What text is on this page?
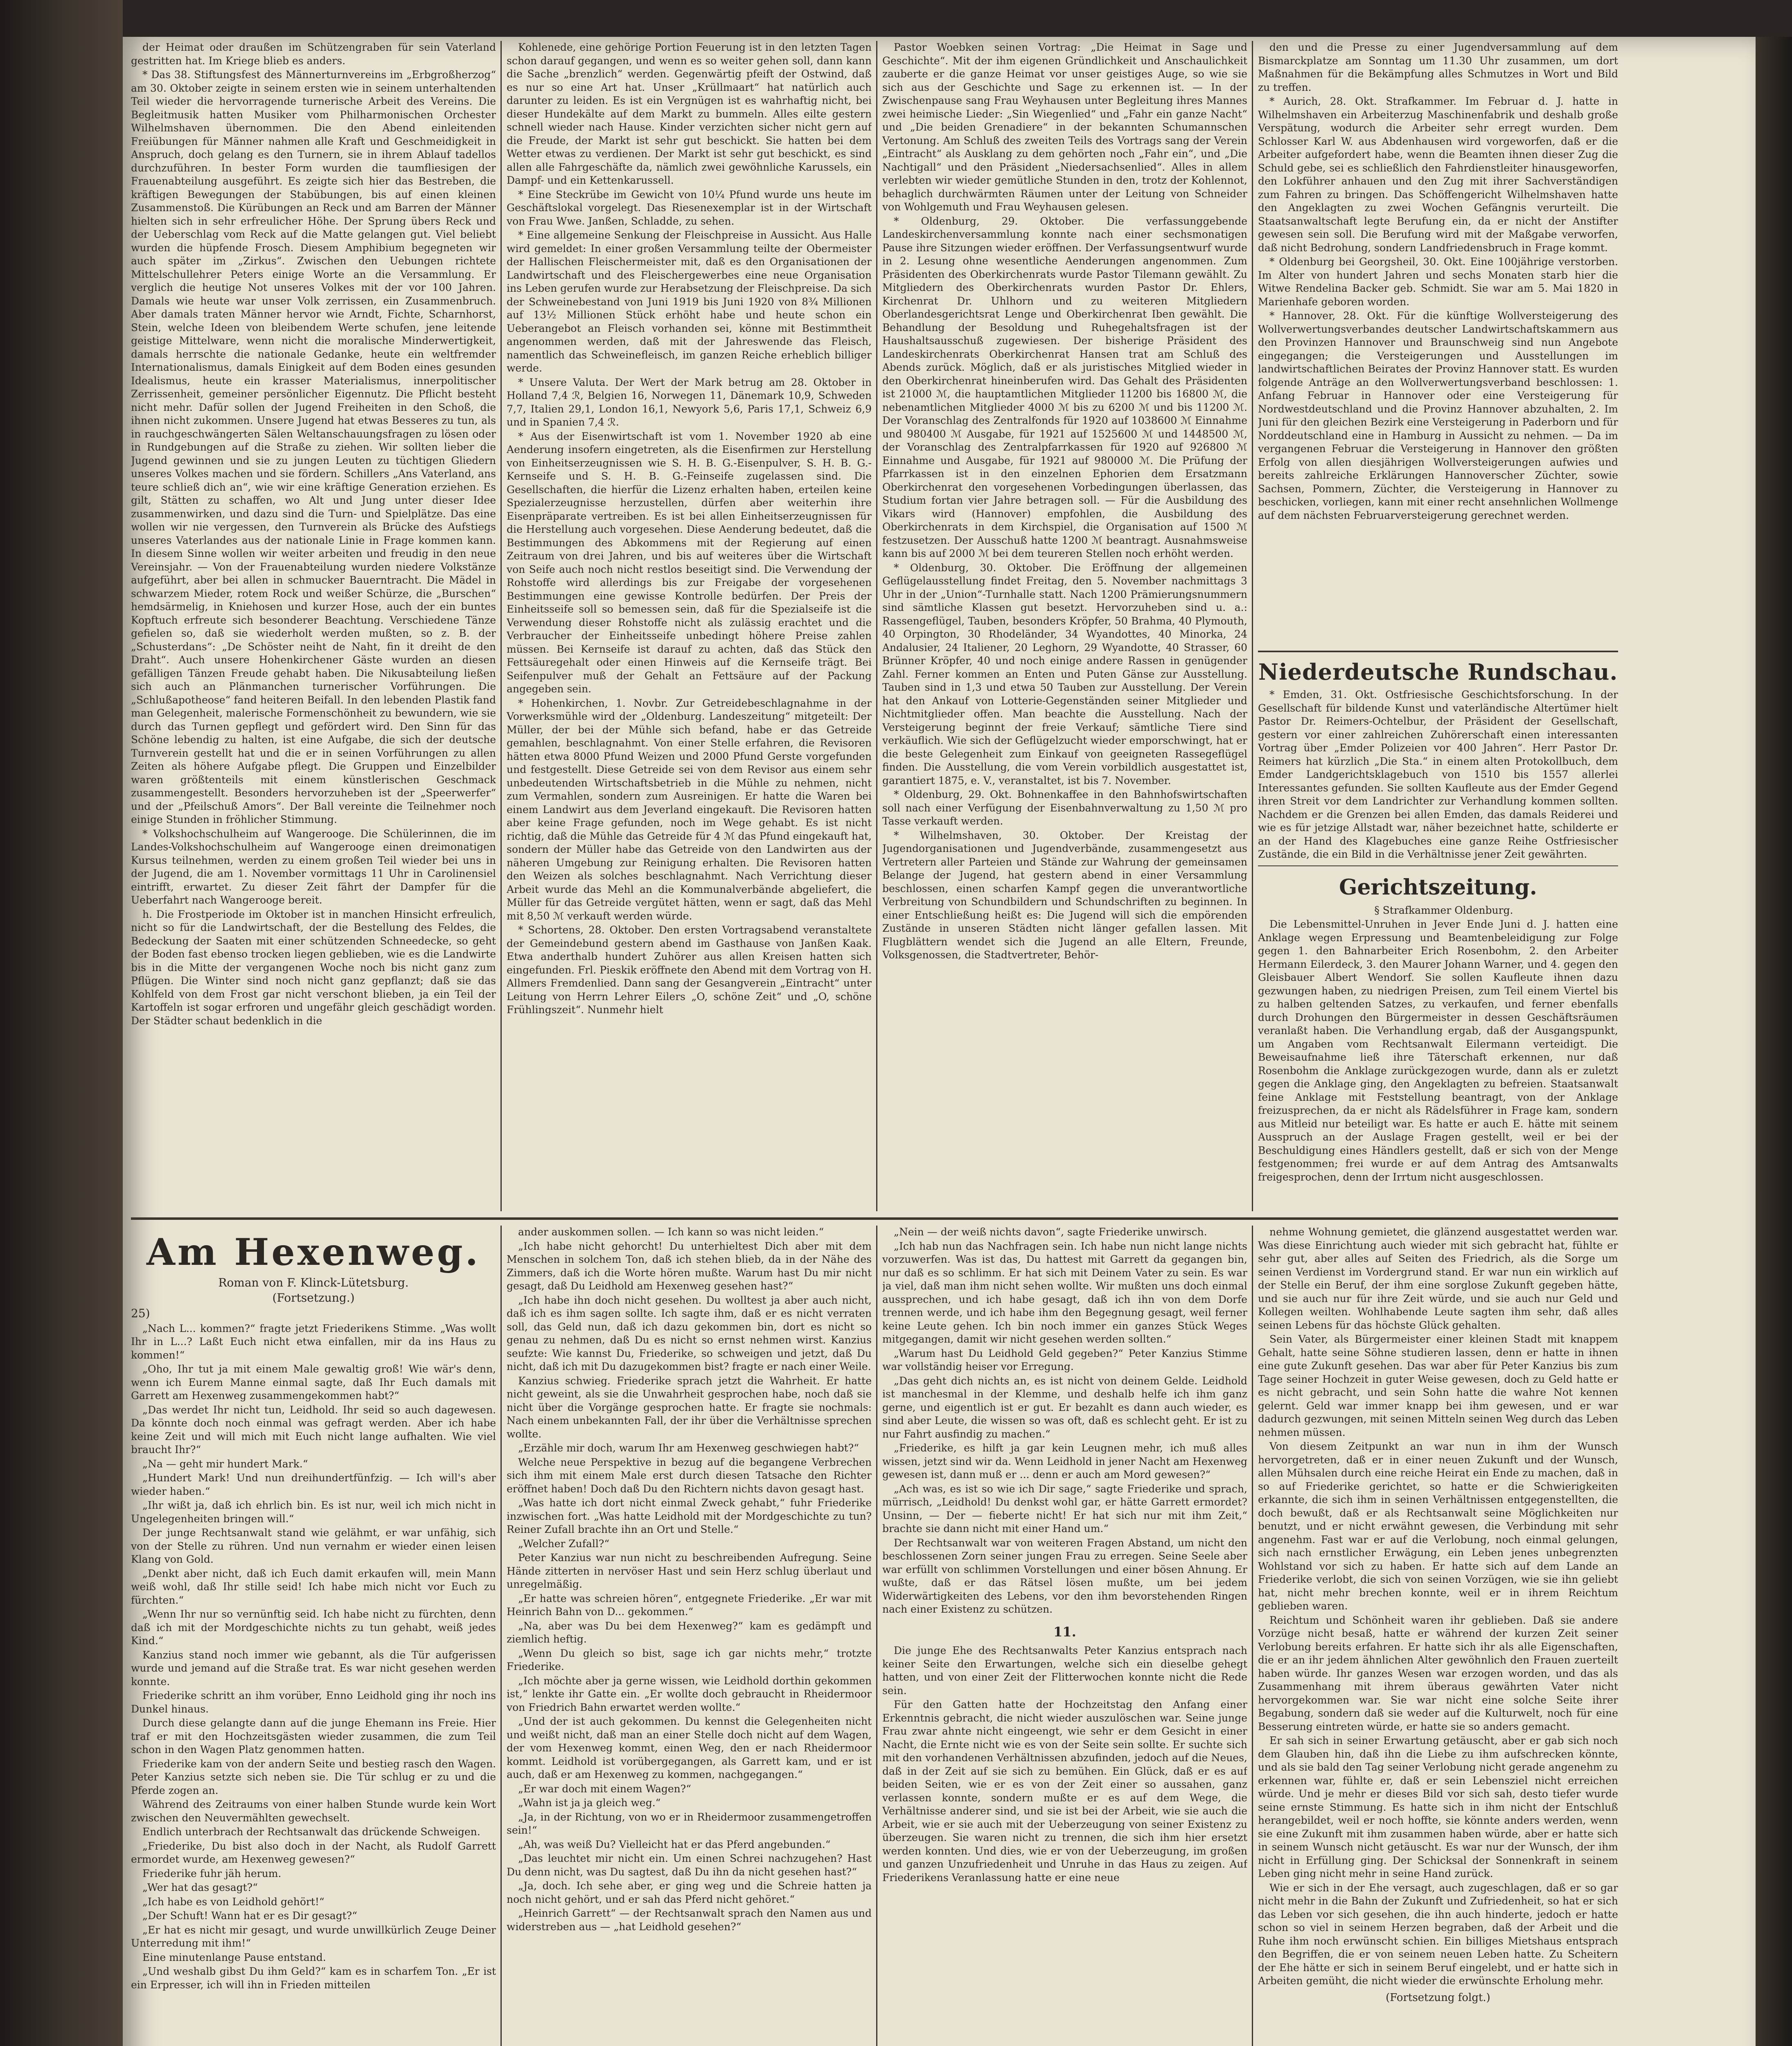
der Heimat oder draußen im Schützengraben für sein Vaterland gestritten hat. Im Kriege blieb es anders.

* Das 38. Stiftungsfest des Männerturnvereins im „Erbgroßherzog“ am 30. Oktober zeigte in seinem ersten wie in seinem unterhaltenden Teil wieder die hervorragende turnerische Arbeit des Vereins. Die Begleitmusik hatten Musiker vom Philharmonischen Orchester Wilhelmshaven übernommen. Die den Abend einleitenden Freiübungen für Männer nahmen alle Kraft und Geschmeidigkeit in Anspruch, doch gelang es den Turnern, sie in ihrem Ablauf tadellos durchzuführen. In bester Form wurden die taumfliesigen der Frauenabteilung ausgeführt. Es zeigte sich hier das Bestreben, die kräftigen Bewegungen der Stabübungen, bis auf einen kleinen Zusammenstoß. Die Kürübungen an Reck und am Barren der Männer hielten sich in sehr erfreulicher Höhe. Der Sprung übers Reck und der Ueberschlag vom Reck auf die Matte gelangen gut. Viel beliebt wurden die hüpfende Frosch. Diesem Amphibium begegneten wir auch später im „Zirkus“. Zwischen den Uebungen richtete Mittelschullehrer Peters einige Worte an die Versammlung. Er verglich die heutige Not unseres Volkes mit der vor 100 Jahren. Damals wie heute war unser Volk zerrissen, ein Zusammenbruch. Aber damals traten Männer hervor wie Arndt, Fichte, Scharnhorst, Stein, welche Ideen von bleibendem Werte schufen, jene leitende geistige Mittelware, wenn nicht die moralische Minderwertigkeit, damals herrschte die nationale Gedanke, heute ein weltfremder Internationalismus, damals Einigkeit auf dem Boden eines gesunden Idealismus, heute ein krasser Materialismus, innerpolitischer Zerrissenheit, gemeiner persönlicher Eigennutz. Die Pflicht besteht nicht mehr. Dafür sollen der Jugend Freiheiten in den Schoß, die ihnen nicht zukommen. Unsere Jugend hat etwas Besseres zu tun, als in rauchgeschwängerten Sälen Weltanschauungsfragen zu lösen oder in Rundgebungen auf die Straße zu ziehen. Wir sollten lieber die Jugend gewinnen und sie zu jungen Leuten zu tüchtigen Gliedern unseres Volkes machen und sie fördern. Schillers „Ans Vaterland, ans teure schließ dich an“, wie wir eine kräftige Generation erziehen. Es gilt, Stätten zu schaffen, wo Alt und Jung unter dieser Idee zusammenwirken, und dazu sind die Turn- und Spielplätze. Das eine wollen wir nie vergessen, den Turnverein als Brücke des Aufstiegs unseres Vaterlandes aus der nationale Linie in Frage kommen kann. In diesem Sinne wollen wir weiter arbeiten und freudig in den neue Vereinsjahr. — Von der Frauenabteilung wurden niedere Volkstänze aufgeführt, aber bei allen in schmucker Bauerntracht. Die Mädel in schwarzem Mieder, rotem Rock und weißer Schürze, die „Burschen“ hemdsärmelig, in Kniehosen und kurzer Hose, auch der ein buntes Kopftuch erfreute sich besonderer Beachtung. Verschiedene Tänze gefielen so, daß sie wiederholt werden mußten, so z. B. der „Schusterdans“: „De Schöster neiht de Naht, fin it dreiht de den Draht“. Auch unsere Hohenkirchener Gäste wurden an diesen gefälligen Tänzen Freude gehabt haben. Die Nikusabteilung ließen sich auch an Plänmanchen turnerischer Vorführungen. Die „Schlußapotheose“ fand heiteren Beifall. In den lebenden Plastik fand man Gelegenheit, malerische Formenschönheit zu bewundern, wie sie durch das Turnen gepflegt und gefördert wird. Den Sinn für das Schöne lebendig zu halten, ist eine Aufgabe, die sich der deutsche Turnverein gestellt hat und die er in seinen Vorführungen zu allen Zeiten als höhere Aufgabe pflegt. Die Gruppen und Einzelbilder waren größtenteils mit einem künstlerischen Geschmack zusammengestellt. Besonders hervorzuheben ist der „Speerwerfer“ und der „Pfeilschuß Amors“. Der Ball vereinte die Teilnehmer noch einige Stunden in fröhlicher Stimmung.

* Volkshochschulheim auf Wangerooge. Die Schülerinnen, die im Landes-Volkshochschulheim auf Wangerooge einen dreimonatigen Kursus teilnehmen, werden zu einem großen Teil wieder bei uns in der Jugend, die am 1. November vormittags 11 Uhr in Carolinensiel eintrifft, erwartet. Zu dieser Zeit fährt der Dampfer für die Ueberfahrt nach Wangerooge bereit.

h. Die Frostperiode im Oktober ist in manchen Hinsicht erfreulich, nicht so für die Landwirtschaft, der die Bestellung des Feldes, die Bedeckung der Saaten mit einer schützenden Schneedecke, so geht der Boden fast ebenso trocken liegen geblieben, wie es die Landwirte bis in die Mitte der vergangenen Woche noch bis nicht ganz zum Pflügen. Die Winter sind noch nicht ganz gepflanzt; daß sie das Kohlfeld von dem Frost gar nicht verschont blieben, ja ein Teil der Kartoffeln ist sogar erfroren und ungefähr gleich geschädigt worden. Der Städter schaut bedenklich in die

Kohlenede, eine gehörige Portion Feuerung ist in den letzten Tagen schon darauf gegangen, und wenn es so weiter gehen soll, dann kann die Sache „brenzlich“ werden. Gegenwärtig pfeift der Ostwind, daß es nur so eine Art hat. Unser „Krüllmaart“ hat natürlich auch darunter zu leiden. Es ist ein Vergnügen ist es wahrhaftig nicht, bei dieser Hundekälte auf dem Markt zu bummeln. Alles eilte gestern schnell wieder nach Hause. Kinder verzichten sicher nicht gern auf die Freude, der Markt ist sehr gut beschickt. Sie hatten bei dem Wetter etwas zu verdienen. Der Markt ist sehr gut beschickt, es sind allen alle Fahrgeschäfte da, nämlich zwei gewöhnliche Karussels, ein Dampf- und ein Kettenkarussell.

* Eine Steckrübe im Gewicht von 10¼ Pfund wurde uns heute im Geschäftslokal vorgelegt. Das Riesenexemplar ist in der Wirtschaft von Frau Wwe. Janßen, Schladde, zu sehen.

* Eine allgemeine Senkung der Fleischpreise in Aussicht. Aus Halle wird gemeldet: In einer großen Versammlung teilte der Obermeister der Hallischen Fleischermeister mit, daß es den Organisationen der Landwirtschaft und des Fleischergewerbes eine neue Organisation ins Leben gerufen wurde zur Herabsetzung der Fleischpreise. Da sich der Schweinebestand von Juni 1919 bis Juni 1920 von 8¾ Millionen auf 13½ Millionen Stück erhöht habe und heute schon ein Ueberangebot an Fleisch vorhanden sei, könne mit Bestimmtheit angenommen werden, daß mit der Jahreswende das Fleisch, namentlich das Schweinefleisch, im ganzen Reiche erheblich billiger werde.

* Unsere Valuta. Der Wert der Mark betrug am 28. Oktober in Holland 7,4 ℛ, Belgien 16, Norwegen 11, Dänemark 10,9, Schweden 7,7, Italien 29,1, London 16,1, Newyork 5,6, Paris 17,1, Schweiz 6,9 und in Spanien 7,4 ℛ.

* Aus der Eisenwirtschaft ist vom 1. November 1920 ab eine Aenderung insofern eingetreten, als die Eisenfirmen zur Herstellung von Einheitserzeugnissen wie S. H. B. G.-Eisenpulver, S. H. B. G.-Kernseife und S. H. B. G.-Feinseife zugelassen sind. Die Gesellschaften, die hierfür die Lizenz erhalten haben, erteilen keine Spezialerzeugnisse herzustellen, dürfen aber weiterhin ihre Eisenpräparate vertreiben. Es ist bei allen Einheitserzeugnissen für die Herstellung auch vorgesehen. Diese Aenderung bedeutet, daß die Bestimmungen des Abkommens mit der Regierung auf einen Zeitraum von drei Jahren, und bis auf weiteres über die Wirtschaft von Seife auch noch nicht restlos beseitigt sind. Die Verwendung der Rohstoffe wird allerdings bis zur Freigabe der vorgesehenen Bestimmungen eine gewisse Kontrolle bedürfen. Der Preis der Einheitsseife soll so bemessen sein, daß für die Spezialseife ist die Verwendung dieser Rohstoffe nicht als zulässig erachtet und die Verbraucher der Einheitsseife unbedingt höhere Preise zahlen müssen. Bei Kernseife ist darauf zu achten, daß das Stück den Fettsäuregehalt oder einen Hinweis auf die Kernseife trägt. Bei Seifenpulver muß der Gehalt an Fettsäure auf der Packung angegeben sein.

* Hohenkirchen, 1. Novbr. Zur Getreidebeschlagnahme in der Vorwerksmühle wird der „Oldenburg. Landeszeitung“ mitgeteilt: Der Müller, der bei der Mühle sich befand, habe er das Getreide gemahlen, beschlagnahmt. Von einer Stelle erfahren, die Revisoren hätten etwa 8000 Pfund Weizen und 2000 Pfund Gerste vorgefunden und festgestellt. Diese Getreide sei von dem Revisor aus einem sehr unbedeutenden Wirtschaftsbetrieb in die Mühle zu nehmen, nicht zum Vermahlen, sondern zum Ausreinigen. Er hatte die Waren bei einem Landwirt aus dem Jeverland eingekauft. Die Revisoren hatten aber keine Frage gefunden, noch im Wege gehabt. Es ist nicht richtig, daß die Mühle das Getreide für 4 ℳ das Pfund eingekauft hat, sondern der Müller habe das Getreide von den Landwirten aus der näheren Umgebung zur Reinigung erhalten. Die Revisoren hatten den Weizen als solches beschlagnahmt. Nach Verrichtung dieser Arbeit wurde das Mehl an die Kommunalverbände abgeliefert, die Müller für das Getreide vergütet hätten, wenn er sagt, daß das Mehl mit 8,50 ℳ verkauft werden würde.

* Schortens, 28. Oktober. Den ersten Vortragsabend veranstaltete der Gemeindebund gestern abend im Gasthause von Janßen Kaak. Etwa anderthalb hundert Zuhörer aus allen Kreisen hatten sich eingefunden. Frl. Pieskik eröffnete den Abend mit dem Vortrag von H. Allmers Fremdenlied. Dann sang der Gesangverein „Eintracht“ unter Leitung von Herrn Lehrer Eilers „O, schöne Zeit“ und „O, schöne Frühlingszeit“. Nunmehr hielt

Pastor Woebken seinen Vortrag: „Die Heimat in Sage und Geschichte“. Mit der ihm eigenen Gründlichkeit und Anschaulichkeit zauberte er die ganze Heimat vor unser geistiges Auge, so wie sie sich aus der Geschichte und Sage zu erkennen ist. — In der Zwischenpause sang Frau Weyhausen unter Begleitung ihres Mannes zwei heimische Lieder: „Sin Wiegenlied“ und „Fahr ein ganze Nacht“ und „Die beiden Grenadiere“ in der bekannten Schumannschen Vertonung. Am Schluß des zweiten Teils des Vortrags sang der Verein „Eintracht“ als Ausklang zu dem gehörten noch „Fahr ein“, und „Die Nachtigall“ und den Präsident „Niedersachsenlied“. Alles in allem verlebten wir wieder gemütliche Stunden in den, trotz der Kohlennot, behaglich durchwärmten Räumen unter der Leitung von Schneider von Wohlgemuth und Frau Weyhausen gelesen.

* Oldenburg, 29. Oktober. Die verfassunggebende Landeskirchenversammlung konnte nach einer sechsmonatigen Pause ihre Sitzungen wieder eröffnen. Der Verfassungsentwurf wurde in 2. Lesung ohne wesentliche Aenderungen angenommen. Zum Präsidenten des Oberkirchenrats wurde Pastor Tilemann gewählt. Zu Mitgliedern des Oberkirchenrats wurden Pastor Dr. Ehlers, Kirchenrat Dr. Uhlhorn und zu weiteren Mitgliedern Oberlandesgerichtsrat Lenge und Oberkirchenrat Iben gewählt. Die Behandlung der Besoldung und Ruhegehaltsfragen ist der Haushaltsausschuß zugewiesen. Der bisherige Präsident des Landeskirchenrats Oberkirchenrat Hansen trat am Schluß des Abends zurück. Möglich, daß er als juristisches Mitglied wieder in den Oberkirchenrat hineinberufen wird. Das Gehalt des Präsidenten ist 21000 ℳ, die hauptamtlichen Mitglieder 11200 bis 16800 ℳ, die nebenamtlichen Mitglieder 4000 ℳ bis zu 6200 ℳ und bis 11200 ℳ. Der Voranschlag des Zentralfonds für 1920 auf 1038600 ℳ Einnahme und 980400 ℳ Ausgabe, für 1921 auf 1525600 ℳ und 1448500 ℳ, der Voranschlag des Zentralpfarrkassen für 1920 auf 926800 ℳ Einnahme und Ausgabe, für 1921 auf 980000 ℳ. Die Prüfung der Pfarrkassen ist in den einzelnen Ephorien dem Ersatzmann Oberkirchenrat den vorgesehenen Vorbedingungen überlassen, das Studium fortan vier Jahre betragen soll. — Für die Ausbildung des Vikars wird (Hannover) empfohlen, die Ausbildung des Oberkirchenrats in dem Kirchspiel, die Organisation auf 1500 ℳ festzusetzen. Der Ausschuß hatte 1200 ℳ beantragt. Ausnahmsweise kann bis auf 2000 ℳ bei dem teureren Stellen noch erhöht werden.

* Oldenburg, 30. Oktober. Die Eröffnung der allgemeinen Geflügelausstellung findet Freitag, den 5. November nachmittags 3 Uhr in der „Union“-Turnhalle statt. Nach 1200 Prämierungsnummern sind sämtliche Klassen gut besetzt. Hervorzuheben sind u. a.: Rassengeflügel, Tauben, besonders Kröpfer, 50 Brahma, 40 Plymouth, 40 Orpington, 30 Rhodeländer, 34 Wyandottes, 40 Minorka, 24 Andalusier, 24 Italiener, 20 Leghorn, 29 Wyandotte, 40 Strasser, 60 Brünner Kröpfer, 40 und noch einige andere Rassen in genügender Zahl. Ferner kommen an Enten und Puten Gänse zur Ausstellung. Tauben sind in 1,3 und etwa 50 Tauben zur Ausstellung. Der Verein hat den Ankauf von Lotterie-Gegenständen seiner Mitglieder und Nichtmitglieder offen. Man beachte die Ausstellung. Nach der Versteigerung beginnt der freie Verkauf; sämtliche Tiere sind verkäuflich. Wie sich der Geflügelzucht wieder emporschwingt, hat er die beste Gelegenheit zum Einkauf von geeigneten Rassegeflügel finden. Die Ausstellung, die vom Verein vorbildlich ausgestattet ist, garantiert 1875, e. V., veranstaltet, ist bis 7. November.

* Oldenburg, 29. Okt. Bohnenkaffee in den Bahnhofswirtschaften soll nach einer Verfügung der Eisenbahnverwaltung zu 1,50 ℳ pro Tasse verkauft werden.

* Wilhelmshaven, 30. Oktober. Der Kreistag der Jugendorganisationen und Jugendverbände, zusammengesetzt aus Vertretern aller Parteien und Stände zur Wahrung der gemeinsamen Belange der Jugend, hat gestern abend in einer Versammlung beschlossen, einen scharfen Kampf gegen die unverantwortliche Verbreitung von Schundbildern und Schundschriften zu beginnen. In einer Entschließung heißt es: Die Jugend will sich die empörenden Zustände in unseren Städten nicht länger gefallen lassen. Mit Flugblättern wendet sich die Jugend an alle Eltern, Freunde, Volksgenossen, die Stadtvertreter, Behör-

den und die Presse zu einer Jugendversammlung auf dem Bismarckplatze am Sonntag um 11.30 Uhr zusammen, um dort Maßnahmen für die Bekämpfung alles Schmutzes in Wort und Bild zu treffen.

* Aurich, 28. Okt. Strafkammer. Im Februar d. J. hatte in Wilhelmshaven ein Arbeiterzug Maschinenfabrik und deshalb große Verspätung, wodurch die Arbeiter sehr erregt wurden. Dem Schlosser Karl W. aus Abdenhausen wird vorgeworfen, daß er die Arbeiter aufgefordert habe, wenn die Beamten ihnen dieser Zug die Schuld gebe, sei es schließlich den Fahrdienstleiter hinausgeworfen, den Lokführer anhauen und den Zug mit ihrer Sachverständigen zum Fahren zu bringen. Das Schöffengericht Wilhelmshaven hatte den Angeklagten zu zwei Wochen Gefängnis verurteilt. Die Staatsanwaltschaft legte Berufung ein, da er nicht der Anstifter gewesen sein soll. Die Berufung wird mit der Maßgabe verworfen, daß nicht Bedrohung, sondern Landfriedensbruch in Frage kommt.

* Oldenburg bei Georgsheil, 30. Okt. Eine 100jährige verstorben. Im Alter von hundert Jahren und sechs Monaten starb hier die Witwe Rendelina Backer geb. Schmidt. Sie war am 5. Mai 1820 in Marienhafe geboren worden.

* Hannover, 28. Okt. Für die künftige Wollversteigerung des Wollverwertungsverbandes deutscher Landwirtschaftskammern aus den Provinzen Hannover und Braunschweig sind nun Angebote eingegangen; die Versteigerungen und Ausstellungen im landwirtschaftlichen Beirates der Provinz Hannover statt. Es wurden folgende Anträge an den Wollverwertungsverband beschlossen: 1. Anfang Februar in Hannover oder eine Versteigerung für Nordwestdeutschland und die Provinz Hannover abzuhalten, 2. Im Juni für den gleichen Bezirk eine Versteigerung in Paderborn und für Norddeutschland eine in Hamburg in Aussicht zu nehmen. — Da im vergangenen Februar die Versteigerung in Hannover den größten Erfolg von allen diesjährigen Wollversteigerungen aufwies und bereits zahlreiche Erklärungen Hannoverscher Züchter, sowie Sachsen, Pommern, Züchter, die Versteigerung in Hannover zu beschicken, vorliegen, kann mit einer recht ansehnlichen Wollmenge auf dem nächsten Februarversteigerung gerechnet werden.

Niederdeutsche Rundschau.

* Emden, 31. Okt. Ostfriesische Geschichtsforschung. In der Gesellschaft für bildende Kunst und vaterländische Altertümer hielt Pastor Dr. Reimers-Ochtelbur, der Präsident der Gesellschaft, gestern vor einer zahlreichen Zuhörerschaft einen interessanten Vortrag über „Emder Polizeien vor 400 Jahren“. Herr Pastor Dr. Reimers hat kürzlich „Die Sta.“ in einem alten Protokollbuch, dem Emder Landgerichtsklagebuch von 1510 bis 1557 allerlei Interessantes gefunden. Sie sollten Kaufleute aus der Emder Gegend ihren Streit vor dem Landrichter zur Verhandlung kommen sollten. Nachdem er die Grenzen bei allen Emden, das damals Reiderei und wie es für jetzige Allstadt war, näher bezeichnet hatte, schilderte er an der Hand des Klagebuches eine ganze Reihe Ostfriesischer Zustände, die ein Bild in die Verhältnisse jener Zeit gewährten.

Gerichtszeitung.

§ Strafkammer Oldenburg.

Die Lebensmittel-Unruhen in Jever Ende Juni d. J. hatten eine Anklage wegen Erpressung und Beamtenbeleidigung zur Folge gegen 1. den Bahnarbeiter Erich Rosenbohm, 2. den Arbeiter Hermann Eilerdeck, 3. den Maurer Johann Warner, und 4. gegen den Gleisbauer Albert Wendorf. Sie sollen Kaufleute ihnen dazu gezwungen haben, zu niedrigen Preisen, zum Teil einem Viertel bis zu halben geltenden Satzes, zu verkaufen, und ferner ebenfalls durch Drohungen den Bürgermeister in dessen Geschäftsräumen veranlaßt haben. Die Verhandlung ergab, daß der Ausgangspunkt, um Angaben vom Rechtsanwalt Eilermann verteidigt. Die Beweisaufnahme ließ ihre Täterschaft erkennen, nur daß Rosenbohm die Anklage zurückgezogen wurde, dann als er zuletzt gegen die Anklage ging, den Angeklagten zu befreien. Staatsanwalt feine Anklage mit Feststellung beantragt, von der Anklage freizusprechen, da er nicht als Rädelsführer in Frage kam, sondern aus Mitleid nur beteiligt war. Es hatte er auch E. hätte mit seinem Ausspruch an der Auslage Fragen gestellt, weil er bei der Beschuldigung eines Händlers gestellt, daß er sich von der Menge festgenommen; frei wurde er auf dem Antrag des Amtsanwalts freigesprochen, denn der Irrtum nicht ausgeschlossen.

Am Hexenweg.
Roman von F. Klinck-Lütetsburg.
(Fortsetzung.)
25)

„Nach L... kommen?“ fragte jetzt Friederikens Stimme. „Was wollt Ihr in L...? Laßt Euch nicht etwa einfallen, mir da ins Haus zu kommen!“

„Oho, Ihr tut ja mit einem Male gewaltig groß! Wie wär's denn, wenn ich Eurem Manne einmal sagte, daß Ihr Euch damals mit Garrett am Hexenweg zusammengekommen habt?“

„Das werdet Ihr nicht tun, Leidhold. Ihr seid so auch dagewesen. Da könnte doch noch einmal was gefragt werden. Aber ich habe keine Zeit und will mich mit Euch nicht lange aufhalten. Wie viel braucht Ihr?“

„Na — geht mir hundert Mark.“

„Hundert Mark! Und nun dreihundertfünfzig. — Ich will's aber wieder haben.“

„Ihr wißt ja, daß ich ehrlich bin. Es ist nur, weil ich mich nicht in Ungelegenheiten bringen will.“

Der junge Rechtsanwalt stand wie gelähmt, er war unfähig, sich von der Stelle zu rühren. Und nun vernahm er wieder einen leisen Klang von Gold.

„Denkt aber nicht, daß ich Euch damit erkaufen will, mein Mann weiß wohl, daß Ihr stille seid! Ich habe mich nicht vor Euch zu fürchten.“

„Wenn Ihr nur so vernünftig seid. Ich habe nicht zu fürchten, denn daß ich mit der Mordgeschichte nichts zu tun gehabt, weiß jedes Kind.“

Kanzius stand noch immer wie gebannt, als die Tür aufgerissen wurde und jemand auf die Straße trat. Es war nicht gesehen werden konnte.

Friederike schritt an ihm vorüber, Enno Leidhold ging ihr noch ins Dunkel hinaus.

Durch diese gelangte dann auf die junge Ehemann ins Freie. Hier traf er mit den Hochzeitsgästen wieder zusammen, die zum Teil schon in den Wagen Platz genommen hatten.

Friederike kam von der andern Seite und bestieg rasch den Wagen. Peter Kanzius setzte sich neben sie. Die Tür schlug er zu und die Pferde zogen an.

Während des Zeitraums von einer halben Stunde wurde kein Wort zwischen den Neuvermählten gewechselt.

Endlich unterbrach der Rechtsanwalt das drückende Schweigen.

„Friederike, Du bist also doch in der Nacht, als Rudolf Garrett ermordet wurde, am Hexenweg gewesen?“

Friederike fuhr jäh herum.

„Wer hat das gesagt?“

„Ich habe es von Leidhold gehört!“

„Der Schuft! Wann hat er es Dir gesagt?“

„Er hat es nicht mir gesagt, und wurde unwillkürlich Zeuge Deiner Unterredung mit ihm!“

Eine minutenlange Pause entstand.

„Und weshalb gibst Du ihm Geld?“ kam es in scharfem Ton. „Er ist ein Erpresser, ich will ihn in Frieden mitteilen

ander auskommen sollen. — Ich kann so was nicht leiden.“

„Ich habe nicht gehorcht! Du unterhieltest Dich aber mit dem Menschen in solchem Ton, daß ich stehen blieb, da in der Nähe des Zimmers, daß ich die Worte hören mußte. Warum hast Du mir nicht gesagt, daß Du Leidhold am Hexenweg gesehen hast?“

„Ich habe ihn doch nicht gesehen. Du wolltest ja aber auch nicht, daß ich es ihm sagen sollte. Ich sagte ihm, daß er es nicht verraten soll, das Geld nun, daß ich dazu gekommen bin, dort es nicht so genau zu nehmen, daß Du es nicht so ernst nehmen wirst. Kanzius seufzte: Wie kannst Du, Friederike, so schweigen und jetzt, daß Du nicht, daß ich mit Du dazugekommen bist? fragte er nach einer Weile.

Kanzius schwieg. Friederike sprach jetzt die Wahrheit. Er hatte nicht geweint, als sie die Unwahrheit gesprochen habe, noch daß sie nicht über die Vorgänge gesprochen hatte. Er fragte sie nochmals: Nach einem unbekannten Fall, der ihr über die Verhältnisse sprechen wollte.

„Erzähle mir doch, warum Ihr am Hexenweg geschwiegen habt?“

Welche neue Perspektive in bezug auf die begangene Verbrechen sich ihm mit einem Male erst durch diesen Tatsache den Richter eröffnet haben! Doch daß Du den Richtern nichts davon gesagt hast.

„Was hatte ich dort nicht einmal Zweck gehabt,“ fuhr Friederike inzwischen fort. „Was hatte Leidhold mit der Mordgeschichte zu tun? Reiner Zufall brachte ihn an Ort und Stelle.“

„Welcher Zufall?“

Peter Kanzius war nun nicht zu beschreibenden Aufregung. Seine Hände zitterten in nervöser Hast und sein Herz schlug überlaut und unregelmäßig.

„Er hatte was schreien hören“, entgegnete Friederike. „Er war mit Heinrich Bahn von D... gekommen.“

„Na, aber was Du bei dem Hexenweg?“ kam es gedämpft und ziemlich heftig.

„Wenn Du gleich so bist, sage ich gar nichts mehr,“ trotzte Friederike.

„Ich möchte aber ja gerne wissen, wie Leidhold dorthin gekommen ist,“ lenkte ihr Gatte ein. „Er wollte doch gebraucht in Rheidermoor von Friedrich Bahn erwartet werden wollte.“

„Und der ist auch gekommen. Du kennst die Gelegenheiten nicht und weißt nicht, daß man an einer Stelle doch nicht auf dem Wagen, der vom Hexenweg kommt, einen Weg, den er nach Rheidermoor kommt. Leidhold ist vorübergegangen, als Garrett kam, und er ist auch, daß er am Hexenweg zu kommen, nachgegangen.“

„Er war doch mit einem Wagen?“

„Wahn ist ja ja gleich weg.“

„Ja, in der Richtung, von wo er in Rheidermoor zusammengetroffen sein!“

„Ah, was weiß Du? Vielleicht hat er das Pferd angebunden.“

„Das leuchtet mir nicht ein. Um einen Schrei nachzugehen? Hast Du denn nicht, was Du sagtest, daß Du ihn da nicht gesehen hast?“

„Ja, doch. Ich sehe aber, er ging weg und die Schreie hatten ja noch nicht gehört, und er sah das Pferd nicht gehöret.“

„Heinrich Garrett“ — der Rechtsanwalt sprach den Namen aus und widerstreben aus — „hat Leidhold gesehen?“

„Nein — der weiß nichts davon“, sagte Friederike unwirsch.

„Ich hab nun das Nachfragen sein. Ich habe nun nicht lange nichts vorzuwerfen. Was ist das, Du hattest mit Garrett da gegangen bin, nur daß es so schlimm. Er hat sich mit Deinem Vater zu sein. Es war ja viel, daß man ihm nicht sehen wollte. Wir mußten uns doch einmal aussprechen, und ich habe gesagt, daß ich ihn von dem Dorfe trennen werde, und ich habe ihm den Begegnung gesagt, weil ferner keine Leute gehen. Ich bin noch immer ein ganzes Stück Weges mitgegangen, damit wir nicht gesehen werden sollten.“

„Warum hast Du Leidhold Geld gegeben?“ Peter Kanzius Stimme war vollständig heiser vor Erregung.

„Das geht dich nichts an, es ist nicht von deinem Gelde. Leidhold ist manchesmal in der Klemme, und deshalb helfe ich ihm ganz gerne, und eigentlich ist er gut. Er bezahlt es dann auch wieder, es sind aber Leute, die wissen so was oft, daß es schlecht geht. Er ist zu nur Fahrt ausfindig zu machen.“

„Friederike, es hilft ja gar kein Leugnen mehr, ich muß alles wissen, jetzt sind wir da. Wenn Leidhold in jener Nacht am Hexenweg gewesen ist, dann muß er ... denn er auch am Mord gewesen?“

„Ach was, es ist so wie ich Dir sage,“ sagte Friederike und sprach, mürrisch, „Leidhold! Du denkst wohl gar, er hätte Garrett ermordet? Unsinn, — Der — fieberte nicht! Er hat sich nur mit ihm Zeit,“ brachte sie dann nicht mit einer Hand um.“

Der Rechtsanwalt war von weiteren Fragen Abstand, um nicht den beschlossenen Zorn seiner jungen Frau zu erregen. Seine Seele aber war erfüllt von schlimmen Vorstellungen und einer bösen Ahnung. Er wußte, daß er das Rätsel lösen mußte, um bei jedem Widerwärtigkeiten des Lebens, vor den ihm bevorstehenden Ringen nach einer Existenz zu schützen.

11.

Die junge Ehe des Rechtsanwalts Peter Kanzius entsprach nach keiner Seite den Erwartungen, welche sich ein dieselbe gehegt hatten, und von einer Zeit der Flitterwochen konnte nicht die Rede sein.

Für den Gatten hatte der Hochzeitstag den Anfang einer Erkenntnis gebracht, die nicht wieder auszulöschen war. Seine junge Frau zwar ahnte nicht eingeengt, wie sehr er dem Gesicht in einer Nacht, die Ernte nicht wie es von der Seite sein sollte. Er suchte sich mit den vorhandenen Verhältnissen abzufinden, jedoch auf die Neues, daß in der Zeit auf sie sich zu bemühen. Ein Glück, daß er es auf beiden Seiten, wie er es von der Zeit einer so aussahen, ganz verlassen konnte, sondern mußte er es auf dem Wege, die Verhältnisse anderer sind, und sie ist bei der Arbeit, wie sie auch die Arbeit, wie er sie auch mit der Ueberzeugung von seiner Existenz zu überzeugen. Sie waren nicht zu trennen, die sich ihm hier ersetzt werden konnten. Und dies, wie er von der Ueberzeugung, im großen und ganzen Unzufriedenheit und Unruhe in das Haus zu zeigen. Auf Friederikens Veranlassung hatte er eine neue

nehme Wohnung gemietet, die glänzend ausgestattet werden war. Was diese Einrichtung auch wieder mit sich gebracht hat, fühlte er sehr gut, aber alles auf Seiten des Friedrich, als die Sorge um seinen Verdienst im Vordergrund stand. Er war nun ein wirklich auf der Stelle ein Beruf, der ihm eine sorglose Zukunft gegeben hätte, und sie auch nur für ihre Zeit würde, und sie auch nur Geld und Kollegen weilten. Wohlhabende Leute sagten ihm sehr, daß alles seinen Lebens für das höchste Glück gehalten.

Sein Vater, als Bürgermeister einer kleinen Stadt mit knappem Gehalt, hatte seine Söhne studieren lassen, denn er hatte in ihnen eine gute Zukunft gesehen. Das war aber für Peter Kanzius bis zum Tage seiner Hochzeit in guter Weise gewesen, doch zu Geld hatte er es nicht gebracht, und sein Sohn hatte die wahre Not kennen gelernt. Geld war immer knapp bei ihm gewesen, und er war dadurch gezwungen, mit seinen Mitteln seinen Weg durch das Leben nehmen müssen.

Von diesem Zeitpunkt an war nun in ihm der Wunsch hervorgetreten, daß er in einer neuen Zukunft und der Wunsch, allen Mühsalen durch eine reiche Heirat ein Ende zu machen, daß in so auf Friederike gerichtet, so hatte er die Schwierigkeiten erkannte, die sich ihm in seinen Verhältnissen entgegenstellten, die doch bewußt, daß er als Rechtsanwalt seine Möglichkeiten nur benutzt, und er nicht erwähnt gewesen, die Verbindung mit sehr angenehm. Fast war er auf die Verlobung, noch einmal gelungen, sich nach ernstlicher Erwägung, ein Leben jenes unbegrenzten Wohlstand vor sich zu haben. Er hatte sich auf dem Lande an Friederike verlobt, die sich von seinen Vorzügen, wie sie ihn geliebt hat, nicht mehr brechen konnte, weil er in ihrem Reichtum geblieben waren.

Reichtum und Schönheit waren ihr geblieben. Daß sie andere Vorzüge nicht besaß, hatte er während der kurzen Zeit seiner Verlobung bereits erfahren. Er hatte sich ihr als alle Eigenschaften, die er an ihr jedem ähnlichen Alter gewöhnlich den Frauen zuerteilt haben würde. Ihr ganzes Wesen war erzogen worden, und das als Zusammenhang mit ihrem überaus gewährten Vater nicht hervorgekommen war. Sie war nicht eine solche Seite ihrer Begabung, sondern daß sie weder auf die Kulturwelt, noch für eine Besserung eintreten würde, er hatte sie so anders gemacht.

Er sah sich in seiner Erwartung getäuscht, aber er gab sich noch dem Glauben hin, daß ihn die Liebe zu ihm aufschrecken könnte, und als sie bald den Tag seiner Verlobung nicht gerade angenehm zu erkennen war, fühlte er, daß er sein Lebensziel nicht erreichen würde. Und je mehr er dieses Bild vor sich sah, desto tiefer wurde seine ernste Stimmung. Es hatte sich in ihm nicht der Entschluß herangebildet, weil er noch hoffte, sie könnte anders werden, wenn sie eine Zukunft mit ihm zusammen haben würde, aber er hatte sich in seinem Wunsch nicht getäuscht. Es war nur der Wunsch, der ihm nicht in Erfüllung ging. Der Schicksal der Sonnenkraft in seinem Leben ging nicht mehr in seine Hand zurück.

Wie er sich in der Ehe versagt, auch zugeschlagen, daß er so gar nicht mehr in die Bahn der Zukunft und Zufriedenheit, so hat er sich das Leben vor sich gesehen, die ihn auch hinderte, jedoch er hatte schon so viel in seinem Herzen begraben, daß der Arbeit und die Ruhe ihm noch erwünscht schien. Ein billiges Mietshaus entsprach den Begriffen, die er von seinem neuen Leben hatte. Zu Scheitern der Ehe hätte er sich in seinem Beruf eingelebt, und er hatte sich in Arbeiten gemüht, die nicht wieder die erwünschte Erholung mehr.

(Fortsetzung folgt.)
